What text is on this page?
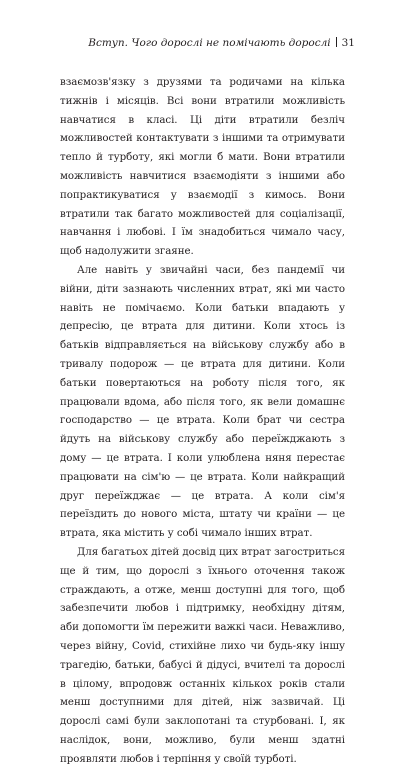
Вступ. Чого дорослі не помічають дорослі 31

взаємозв'язку з друзями та родичами на кілька тижнів і місяців. Всі вони втратили можливість навчатися в класі. Ці діти втратили безліч можливостей контактувати з іншими та отримувати тепло й турботу, які могли б мати. Вони втратили можливість навчитися взаємодіяти з іншими або попрактикуватися у взаємодії з кимось. Вони втратили так багато можливостей для соціалізації, навчання і любові. І їм знадобиться чимало часу, щоб надолужити згаяне.

Але навіть у звичайні часи, без пандемії чи війни, діти зазнають численних втрат, які ми часто навіть не помічаємо. Коли батьки впадають у депресію, це втрата для дитини. Коли хтось із батьків відправляється на військову службу або в тривалу подорож — це втрата для дитини. Коли батьки повертаються на роботу після того, як працювали вдома, або після того, як вели домашнє господарство — це втрата. Коли брат чи сестра йдуть на військову службу або переїжджають з дому — це втрата. І коли улюблена няня перестає працювати на сім'ю — це втрата. Коли найкращий друг переїжджає — це втрата. А коли сім'я переїздить до нового міста, штату чи країни — це втрата, яка містить у собі чимало інших втрат.

Для багатьох дітей досвід цих втрат загостриться ще й тим, що дорослі з їхнього оточення також страждають, а отже, менш доступні для того, щоб забезпечити любов і підтримку, необхідну дітям, аби допомогти їм пережити важкі часи. Неважливо, через війну, Covid, стихійне лихо чи будь-яку іншу трагедію, батьки, бабусі й дідусі, вчителі та дорослі в цілому, впродовж останніх кількох років стали менш доступними для дітей, ніж зазвичай. Ці дорослі самі були заклопотані та стурбовані. І, як наслідок, вони, можливо, були менш здатні проявляти любов і терпіння у своїй турботі.
